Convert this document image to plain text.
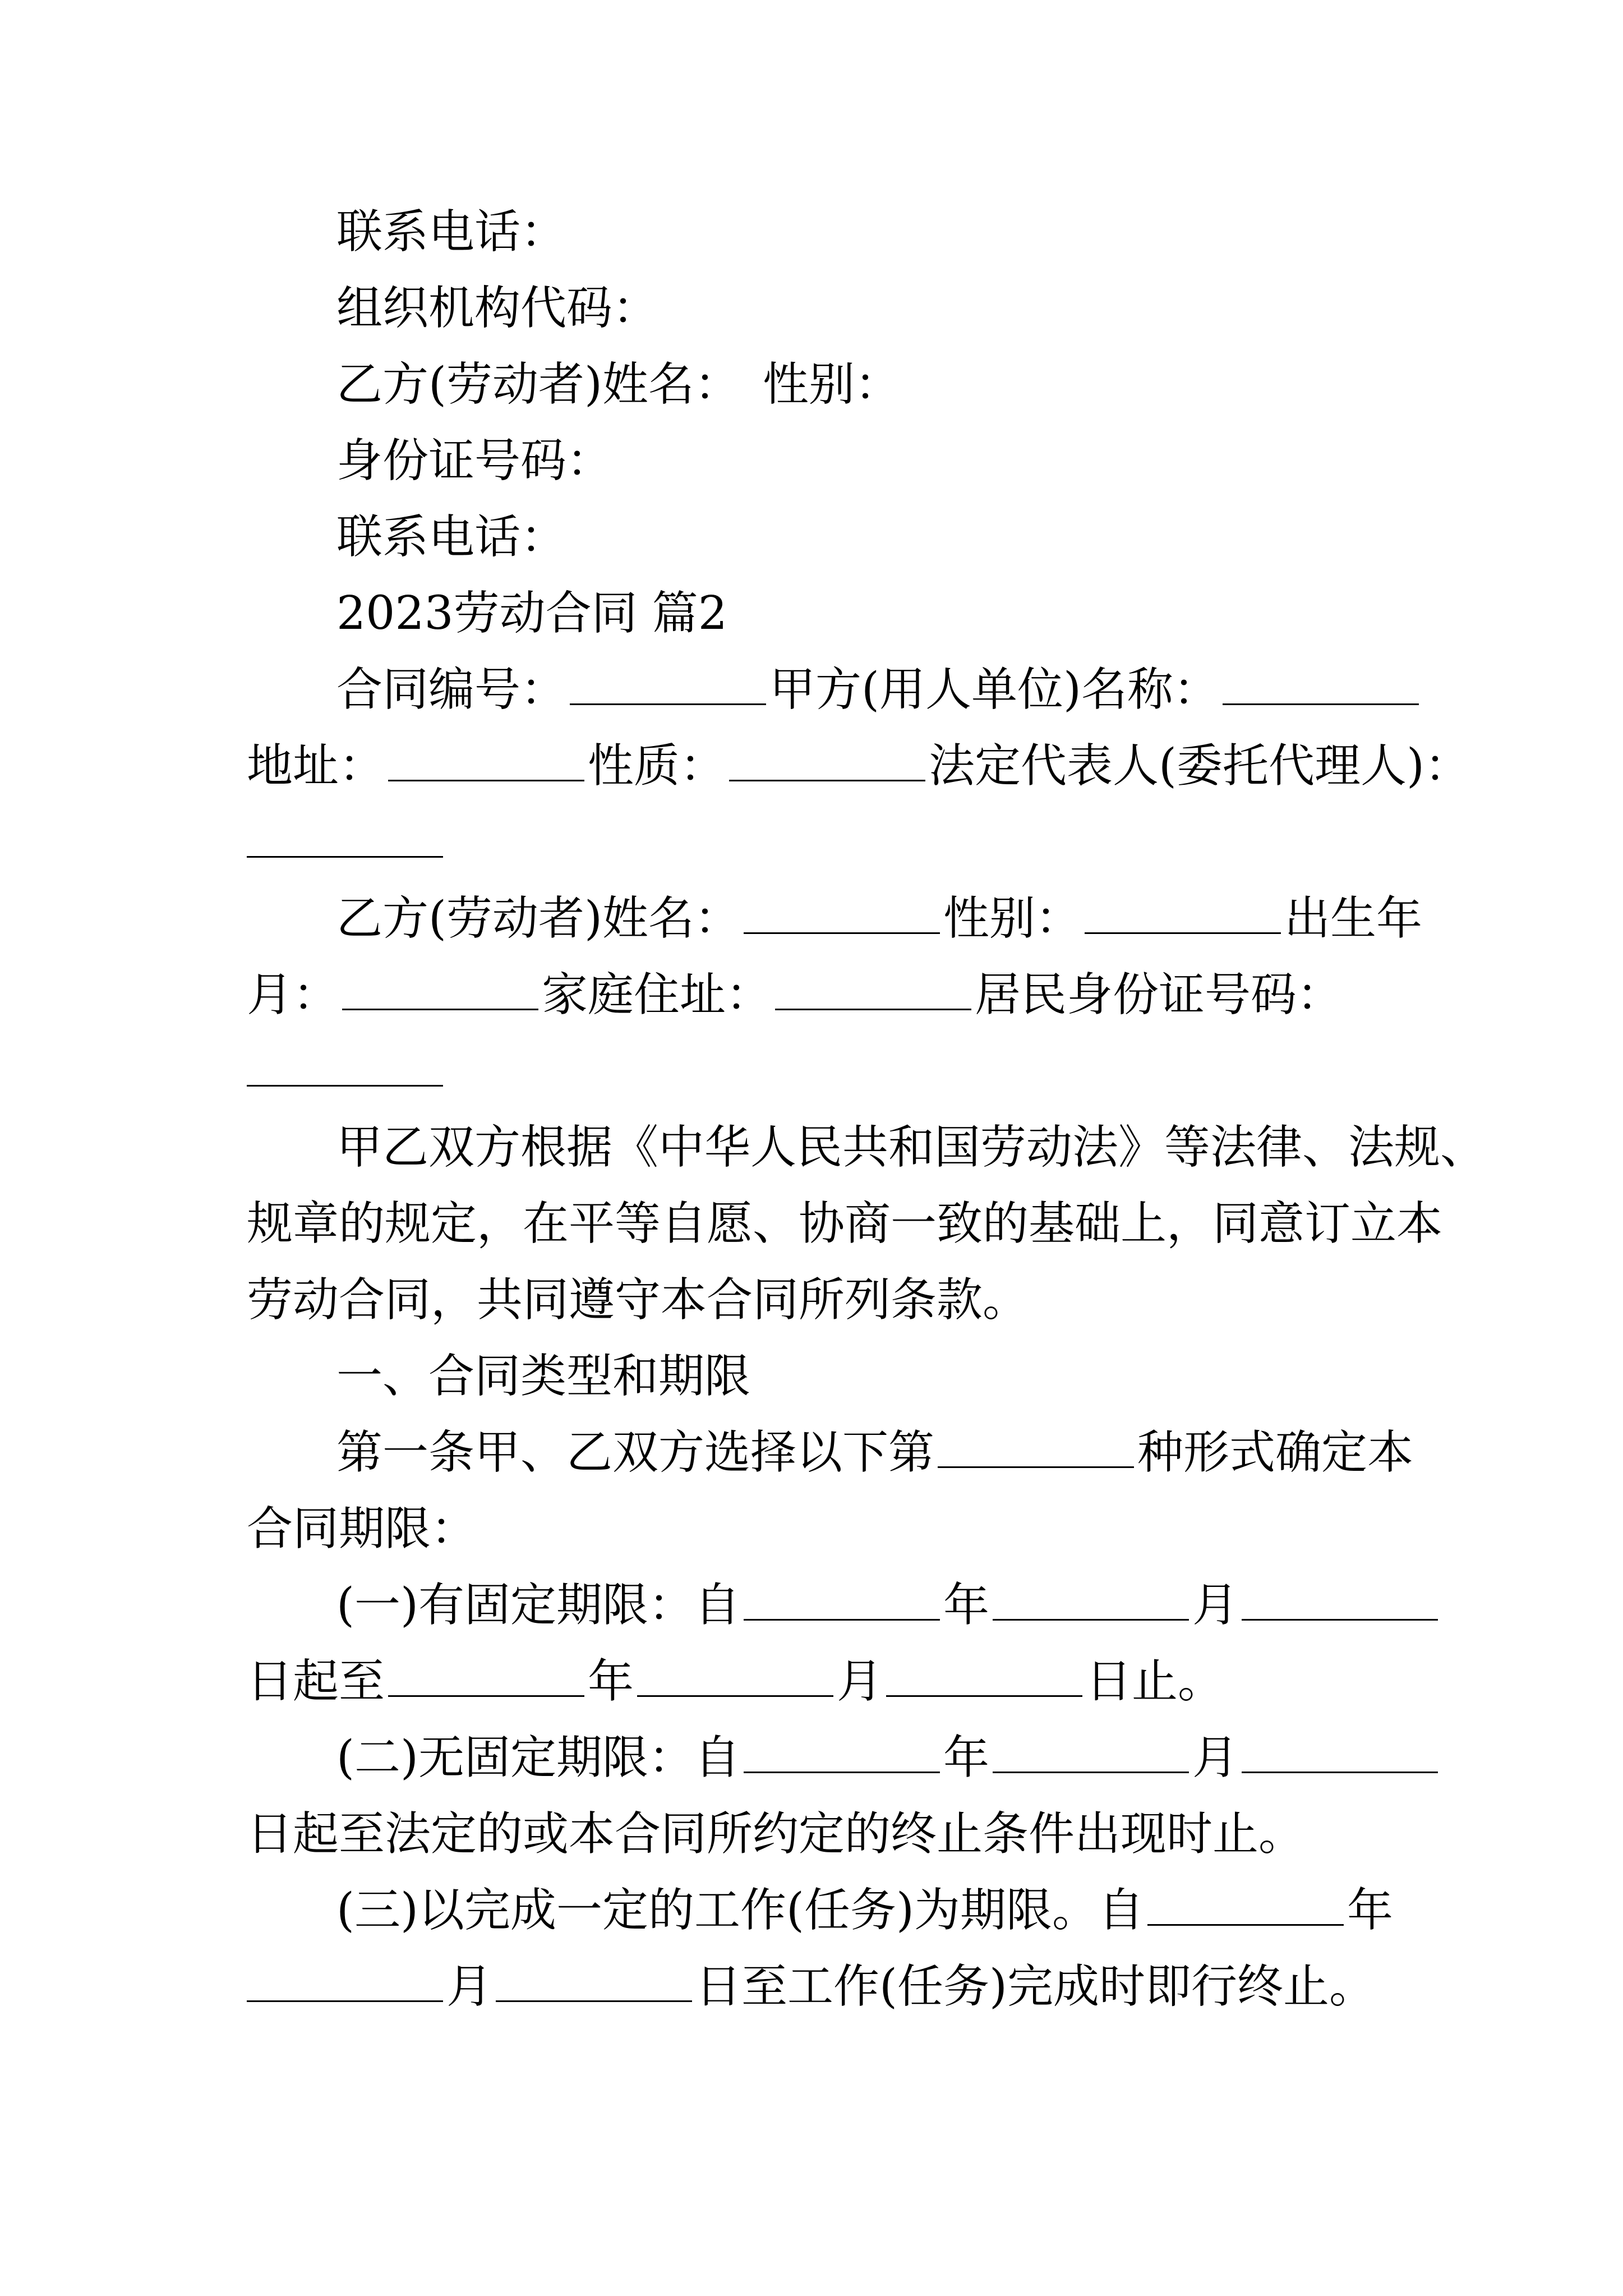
联系电话：
组织机构代码：
乙方(劳动者)姓名： 性别：
身份证号码：
联系电话：
2023劳动合同 篇2
合同编号：	甲方(用人单位)名称：
地址：	性质：	法定代表人(委托代理人)：
乙方(劳动者)姓名：	性别：	出生年
月：	家庭住址：	居民身份证号码：
甲乙双方根据《中华人民共和国劳动法》等法律、法规、
规章的规定，在平等自愿、协商一致的基础上，同意订立本
劳动合同，共同遵守本合同所列条款。
一、合同类型和期限
第一条甲、乙双方选择以下第	种形式确定本
合同期限：
(一)有固定期限：自	年	月
日起至	年	月	日止。
(二)无固定期限：自	年	月
日起至法定的或本合同所约定的终止条件出现时止。
(三)以完成一定的工作(任务)为期限。自	年
月	日至工作(任务)完成时即行终止。
